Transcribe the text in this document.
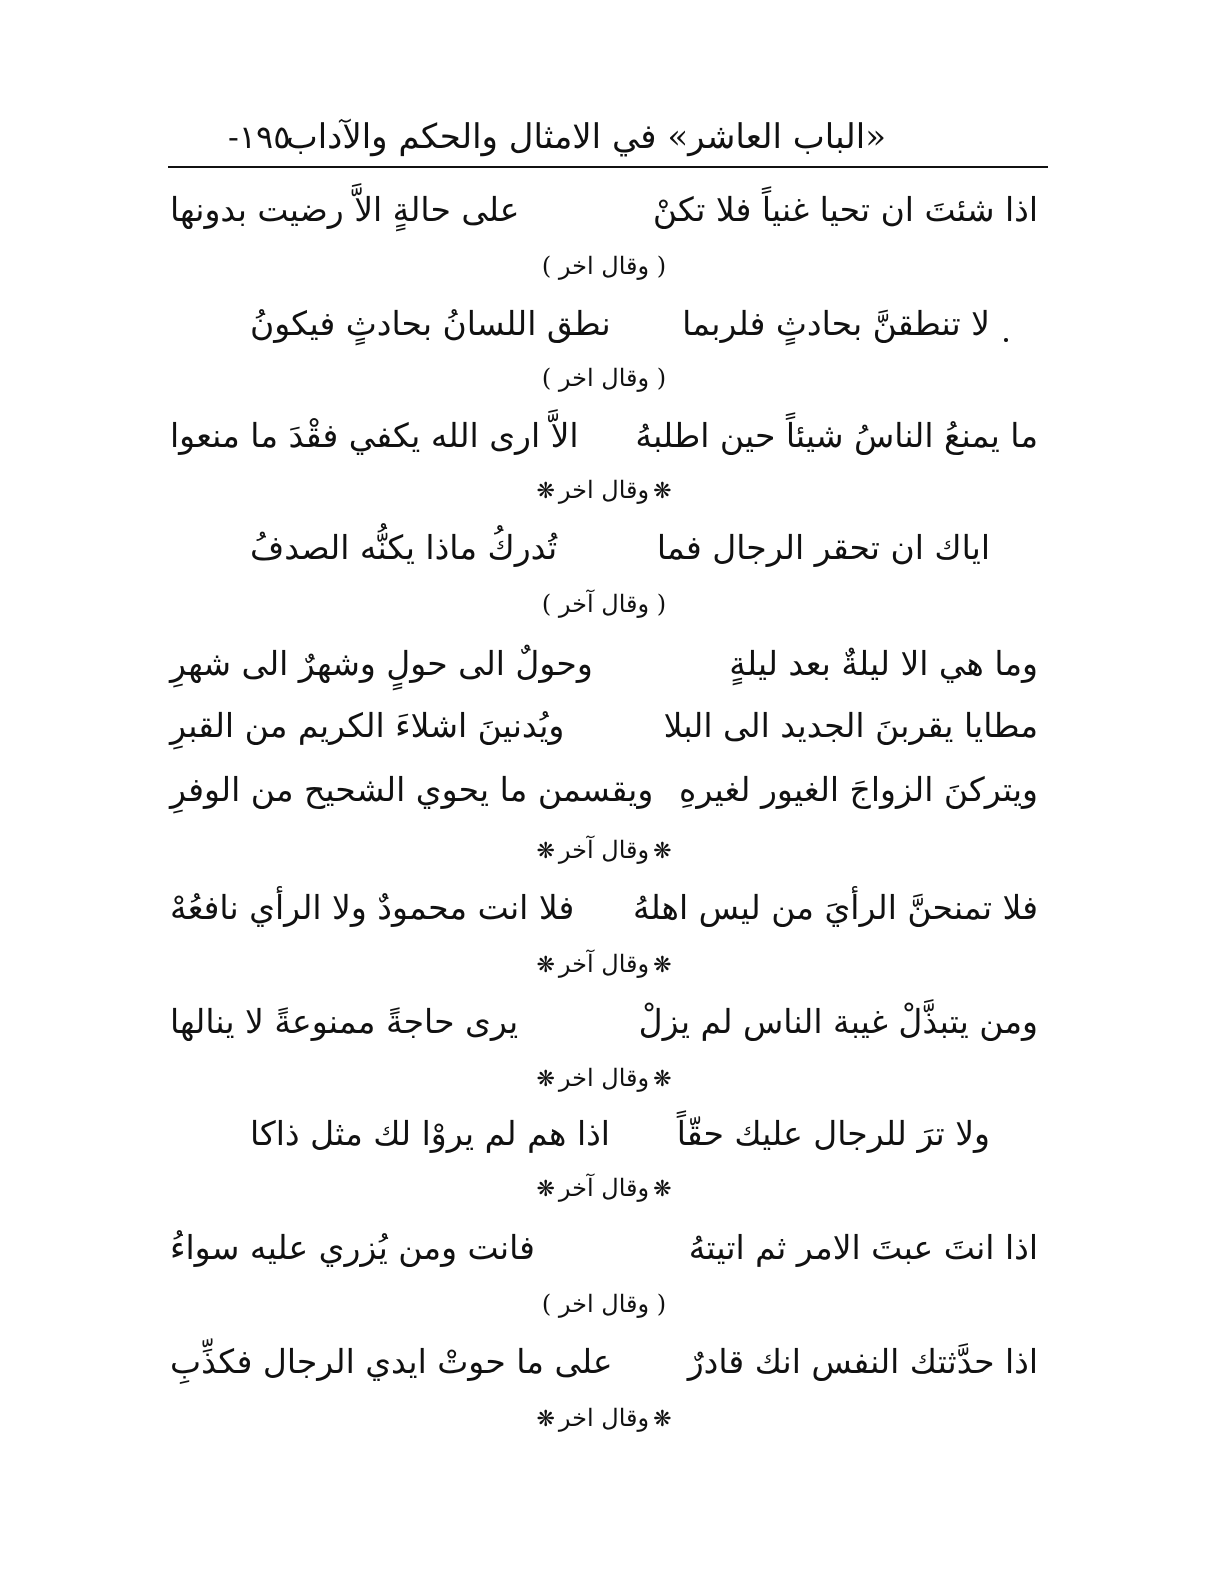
«الباب العاشر» في الامثال والحكم والآداب
١٩٥-
اذا شئتَ ان تحيا غنياً فلا تكنْ
على حالةٍ الاَّ رضيت بدونها
( وقال اخر )
لا تنطقنَّ بحادثٍ فلربما
نطق اللسانُ بحادثٍ فيكونُ
( وقال اخر )
ما يمنعُ الناسُ شيئاً حين اطلبهُ
الاَّ ارى الله يكفي فقْدَ ما منعوا
❋وقال اخر❋
اياك ان تحقر الرجال فما
تُدركُ ماذا يكنُّه الصدفُ
( وقال آخر )
وما هي الا ليلةٌ بعد ليلةٍ
وحولٌ الى حولٍ وشهرٌ الى شهرِ
مطايا يقربنَ الجديد الى البلا
ويُدنينَ اشلاءَ الكريم من القبرِ
ويتركنَ الزواجَ الغيور لغيرهِ
ويقسمن ما يحوي الشحيح من الوفرِ
❋وقال آخر❋
فلا تمنحنَّ الرأيَ من ليس اهلهُ
فلا انت محمودٌ ولا الرأي نافعُهْ
❋وقال آخر❋
ومن يتبذَّلْ غيبة الناس لم يزلْ
يرى حاجةً ممنوعةً لا ينالها
❋وقال اخر❋
ولا ترَ للرجال عليك حقّاً
اذا هم لم يروْا لك مثل ذاكا
❋وقال آخر❋
اذا انتَ عبتَ الامر ثم اتيتهُ
فانت ومن يُزري عليه سواءُ
( وقال اخر )
اذا حدَّثتك النفس انك قادرٌ
على ما حوتْ ايدي الرجال فكذِّبِ
❋وقال اخر❋
